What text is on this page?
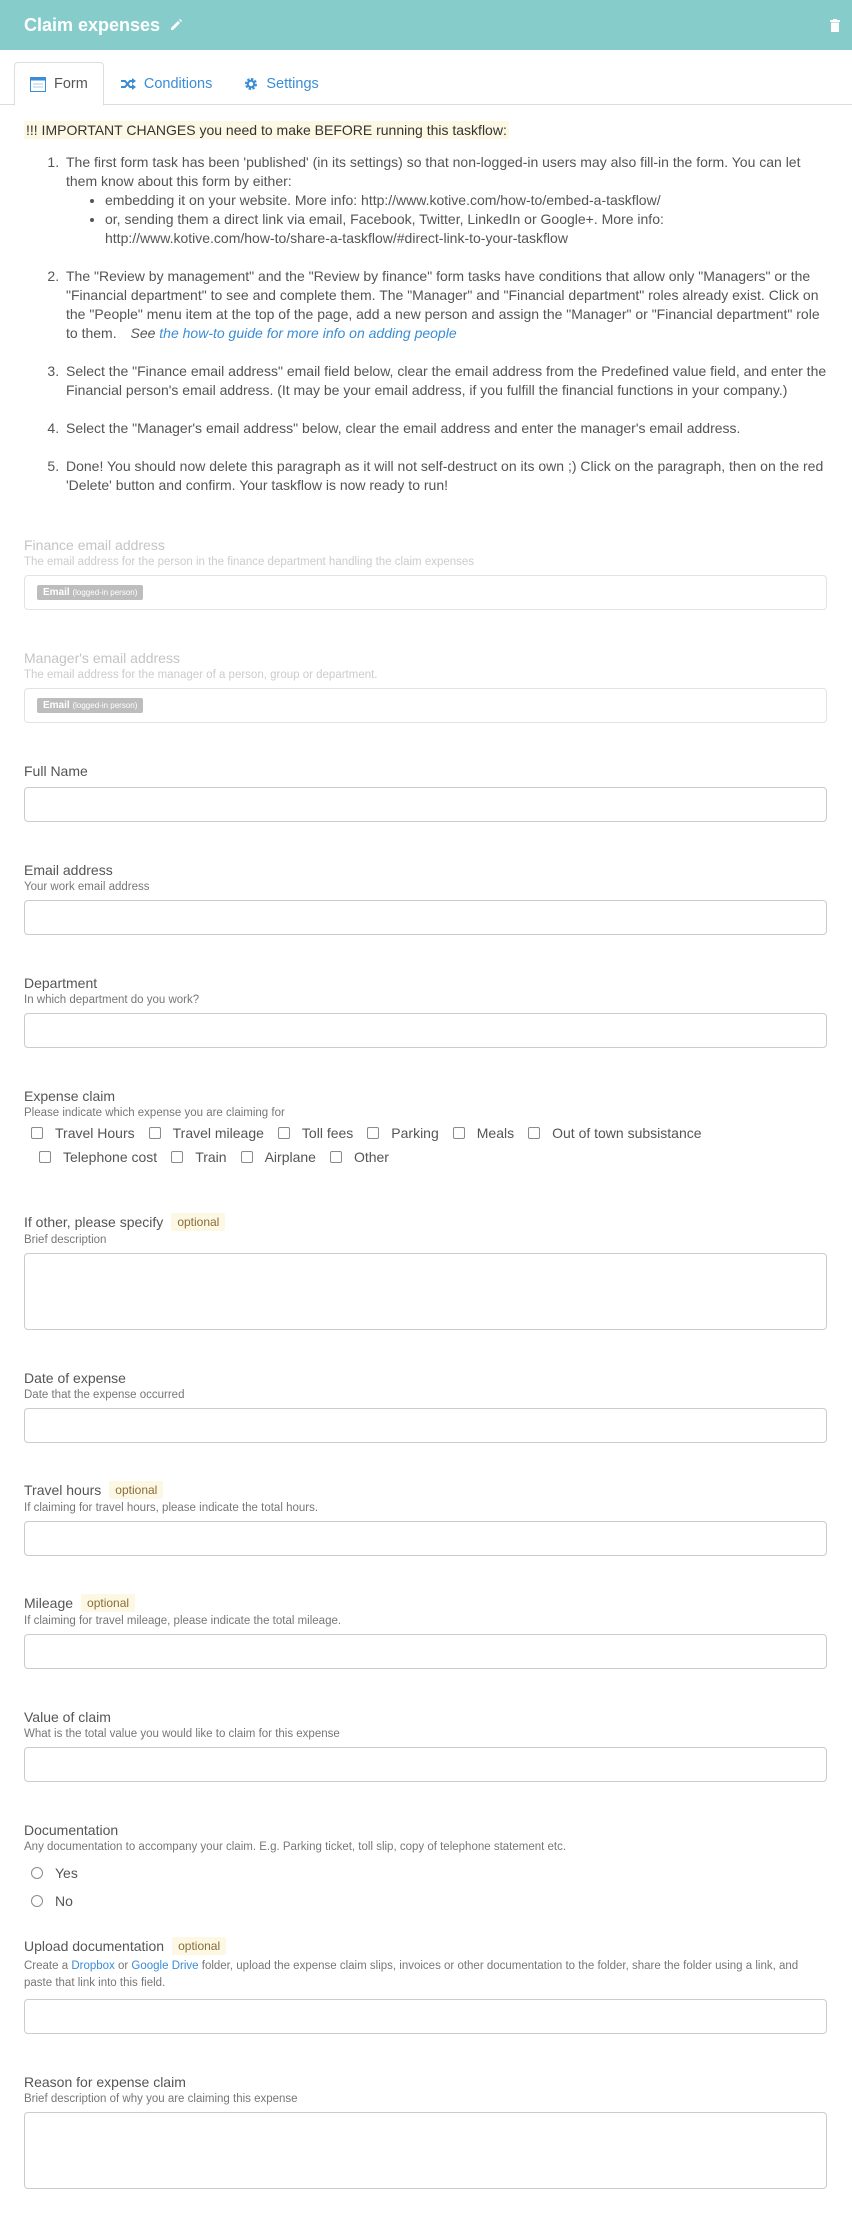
Claim expenses
Form	Conditions	Settings
!!! IMPORTANT CHANGES you need to make BEFORE running this taskflow:
1. The first form task has been 'published' (in its settings) so that non-logged-in users may also fill-in the form. You can let them know about this form by either:
• embedding it on your website. More info: http://www.kotive.com/how-to/embed-a-taskflow/
• or, sending them a direct link via email, Facebook, Twitter, LinkedIn or Google+. More info: http://www.kotive.com/how-to/share-a-taskflow/#direct-link-to-your-taskflow
2. The "Review by management" and the "Review by finance" form tasks have conditions that allow only "Managers" or the "Financial department" to see and complete them. The "Manager" and "Financial department" roles already exist. Click on the "People" menu item at the top of the page, add a new person and assign the "Manager" or "Financial department" role to them. See the how-to guide for more info on adding people
3. Select the "Finance email address" email field below, clear the email address from the Predefined value field, and enter the Financial person's email address. (It may be your email address, if you fulfill the financial functions in your company.)
4. Select the "Manager's email address" below, clear the email address and enter the manager's email address.
5. Done! You should now delete this paragraph as it will not self-destruct on its own ;) Click on the paragraph, then on the red 'Delete' button and confirm. Your taskflow is now ready to run!
Finance email address
The email address for the person in the finance department handling the claim expenses
Email (logged-in person)
Manager's email address
The email address for the manager of a person, group or department.
Email (logged-in person)
Full Name
Email address
Your work email address
Department
In which department do you work?
Expense claim
Please indicate which expense you are claiming for
Travel Hours	Travel mileage	Toll fees	Parking	Meals	Out of town subsistance
Telephone cost	Train	Airplane	Other
If other, please specify	optional
Brief description
Date of expense
Date that the expense occurred
Travel hours	optional
If claiming for travel hours, please indicate the total hours.
Mileage	optional
If claiming for travel mileage, please indicate the total mileage.
Value of claim
What is the total value you would like to claim for this expense
Documentation
Any documentation to accompany your claim. E.g. Parking ticket, toll slip, copy of telephone statement etc.
Yes
No
Upload documentation	optional
Create a Dropbox or Google Drive folder, upload the expense claim slips, invoices or other documentation to the folder, share the folder using a link, and paste that link into this field.
Reason for expense claim
Brief description of why you are claiming this expense
